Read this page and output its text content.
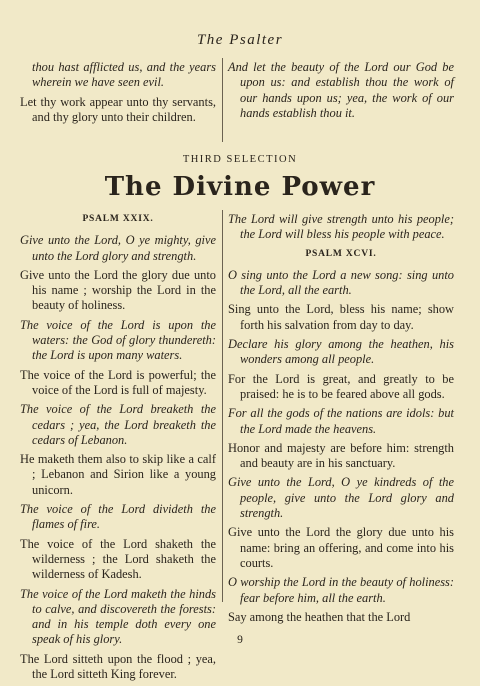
The Psalter
thou hast afflicted us, and the years wherein we have seen evil.
Let thy work appear unto thy servants, and thy glory unto their children.
And let the beauty of the Lord our God be upon us: and establish thou the work of our hands upon us; yea, the work of our hands establish thou it.
THIRD SELECTION
The Divine Power
PSALM XXIX.
Give unto the Lord, O ye mighty, give unto the Lord glory and strength.
Give unto the Lord the glory due unto his name ; worship the Lord in the beauty of holiness.
The voice of the Lord is upon the waters: the God of glory thundereth: the Lord is upon many waters.
The voice of the Lord is powerful; the voice of the Lord is full of majesty.
The voice of the Lord breaketh the cedars ; yea, the Lord breaketh the cedars of Lebanon.
He maketh them also to skip like a calf ; Lebanon and Sirion like a young unicorn.
The voice of the Lord divideth the flames of fire.
The voice of the Lord shaketh the wilderness ; the Lord shaketh the wilderness of Kadesh.
The voice of the Lord maketh the hinds to calve, and discovereth the forests: and in his temple doth every one speak of his glory.
The Lord sitteth upon the flood ; yea, the Lord sitteth King forever.
The Lord will give strength unto his people; the Lord will bless his people with peace.
PSALM XCVI.
O sing unto the Lord a new song: sing unto the Lord, all the earth.
Sing unto the Lord, bless his name; show forth his salvation from day to day.
Declare his glory among the heathen, his wonders among all people.
For the Lord is great, and greatly to be praised: he is to be feared above all gods.
For all the gods of the nations are idols: but the Lord made the heavens.
Honor and majesty are before him: strength and beauty are in his sanctuary.
Give unto the Lord, O ye kindreds of the people, give unto the Lord glory and strength.
Give unto the Lord the glory due unto his name: bring an offering, and come into his courts.
O worship the Lord in the beauty of holiness: fear before him, all the earth.
Say among the heathen that the Lord
9
